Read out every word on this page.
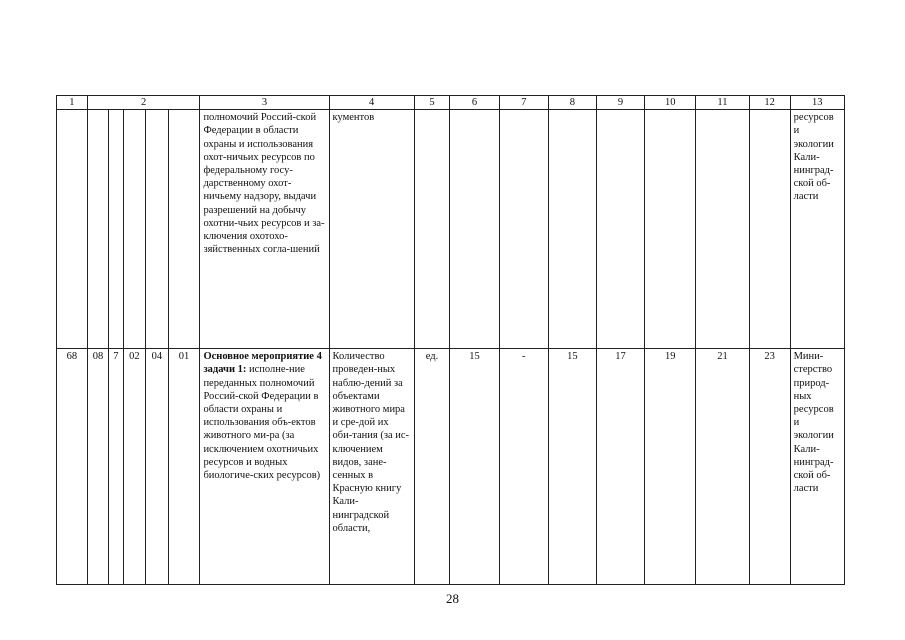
1	2					3	4	5	6	7	8	9	10	11	12	13
						полномочий Россий-ской Федерации в области охраны и использования охот-ничьих ресурсов по федеральному госу-дарственному охот-ничьему надзору, выдачи разрешений на добычу охотни-чьих ресурсов и за-ключения охотохо-зяйственных согла-шений	кументов									ресурсов и экологии Кали-нинград-ской об-ласти
68	08	7	02	04	01	Основное мероприятие 4 задачи 1: исполне-ние переданных полномочий Россий-ской Федерации в области охраны и использования объ-ектов животного ми-ра (за исключением охотничьих ресурсов и водных биологиче-ских ресурсов)	Количество проведен-ных наблю-дений за объектами животного мира и сре-дой их оби-тания (за ис-ключением видов, зане-сенных в Красную книгу Кали-нинградской области,	ед.	15	-	15	17	19	21	23	Мини-стерство природ-ных ресурсов и экологии Кали-нинград-ской об-ласти
28
